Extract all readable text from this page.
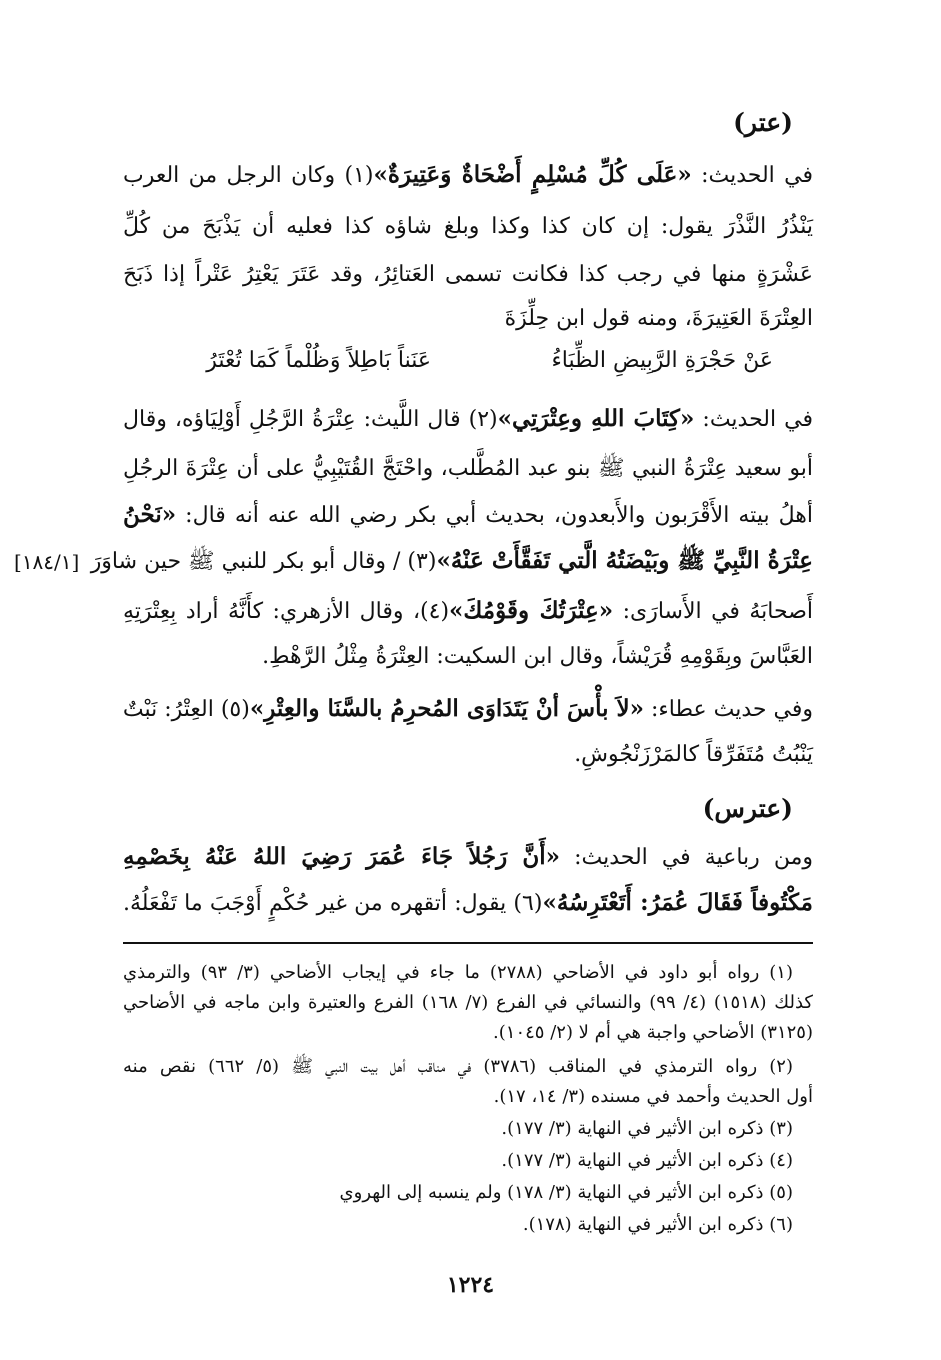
(عتر)
في الحديث: «عَلَى كُلِّ مُسْلِمٍ أَضْحَاةٌ وَعَتِيرَةٌ»(١) وكان الرجل من العرب
يَنْذُرُ النَّذْرَ يقول: إن كان كذا وكذا وبلغ شاؤه كذا فعليه أن يَذْبَحَ من كُلِّ
عَشْرَةٍ منها في رجب كذا فكانت تسمى العَتائِرُ، وقد عَتَرَ يَعْتِرُ عَتْراً إذا ذَبَحَ
العِتْرَةَ العَتِيرَةَ، ومنه قول ابن حِلِّزَةَ
عَنَناً بَاطِلاً وَظُلْماً كَمَا تُعْتَرُ	عَنْ حَجْرَةِ الرَّبِيضِ الظِّبَاءُ
في الحديث: «كِتَابَ اللهِ وعِتْرَتِي»(٢) قال اللَّيث: عِتْرَةُ الرَّجُلِ أَوْلِيَاؤه، وقال
أبو سعيد عِتْرَةُ النبي ﷺ بنو عبد المُطَّلب، واحْتَجَّ القُتَيْبِيُّ على أن عِتْرَةَ الرجُلِ
أهلُ بيته الأَقْرَبون والأَبعدون، بحديث أبي بكر رضي الله عنه أنه قال: «نَحْنُ
عِتْرَةُ النَّبِيِّ ﷺ وبَيْضَتُهُ الَّتي تَفَقَّأَتْ عَنْهُ»(٣) / وقال أبو بكر للنبي ﷺ حين شاوَرَ
[١٨٤/١]
أَصحابَهُ في الأَسارَى: «عِتْرَتُكَ وقَوْمُكَ»(٤)، وقال الأزهري: كأَنَّهُ أراد بِعِتْرَتِهِ
العَبَّاسَ وبِقَوْمِهِ قُرَيْشاً، وقال ابن السكيت: العِتْرَةُ مِثْلُ الرَّهْطِ.
وفي حديث عطاء: «لاَ بأْسَ أنْ يَتَدَاوَى المُحرِمُ بالسَّنَا والعِتْرِ»(٥) العِتْرُ: نَبْتٌ
يَنْبُتُ مُتَفَرِّقاً كالمَرْزَنْجُوشِ.
(عترس)
ومن رباعية في الحديث: «أَنَّ رَجُلاً جَاءَ عُمَرَ رَضِيَ اللهُ عَنْهُ بِخَصْمِهِ
مَكْتُوفاً فَقَالَ عُمَرُ: أَتَعْتَرِسُهُ»(٦) يقول: أتقهره من غير حُكْمٍ أَوْجَبَ ما تَفْعَلُهُ.
(١) رواه أبو داود في الأضاحي (٢٧٨٨) ما جاء في إيجاب الأضاحي (٣/ ٩٣) والترمذي
كذلك (١٥١٨) (٤/ ٩٩) والنسائي في الفرع (٧/ ١٦٨) الفرع والعتيرة وابن ماجه في الأضاحي
(٣١٢٥) الأضاحي واجبة هي أم لا (٢/ ١٠٤٥).
(٢) رواه الترمذي في المناقب (٣٧٨٦) في مناقب أهل بيت النبي ﷺ (٥/ ٦٦٢) نقص منه
أول الحديث وأحمد في مسنده (٣/ ١٤، ١٧).
(٣) ذكره ابن الأثير في النهاية (٣/ ١٧٧).
(٤) ذكره ابن الأثير في النهاية (٣/ ١٧٧).
(٥) ذكره ابن الأثير في النهاية (٣/ ١٧٨) ولم ينسبه إلى الهروي
(٦) ذكره ابن الأثير في النهاية (١٧٨).
١٢٢٤
